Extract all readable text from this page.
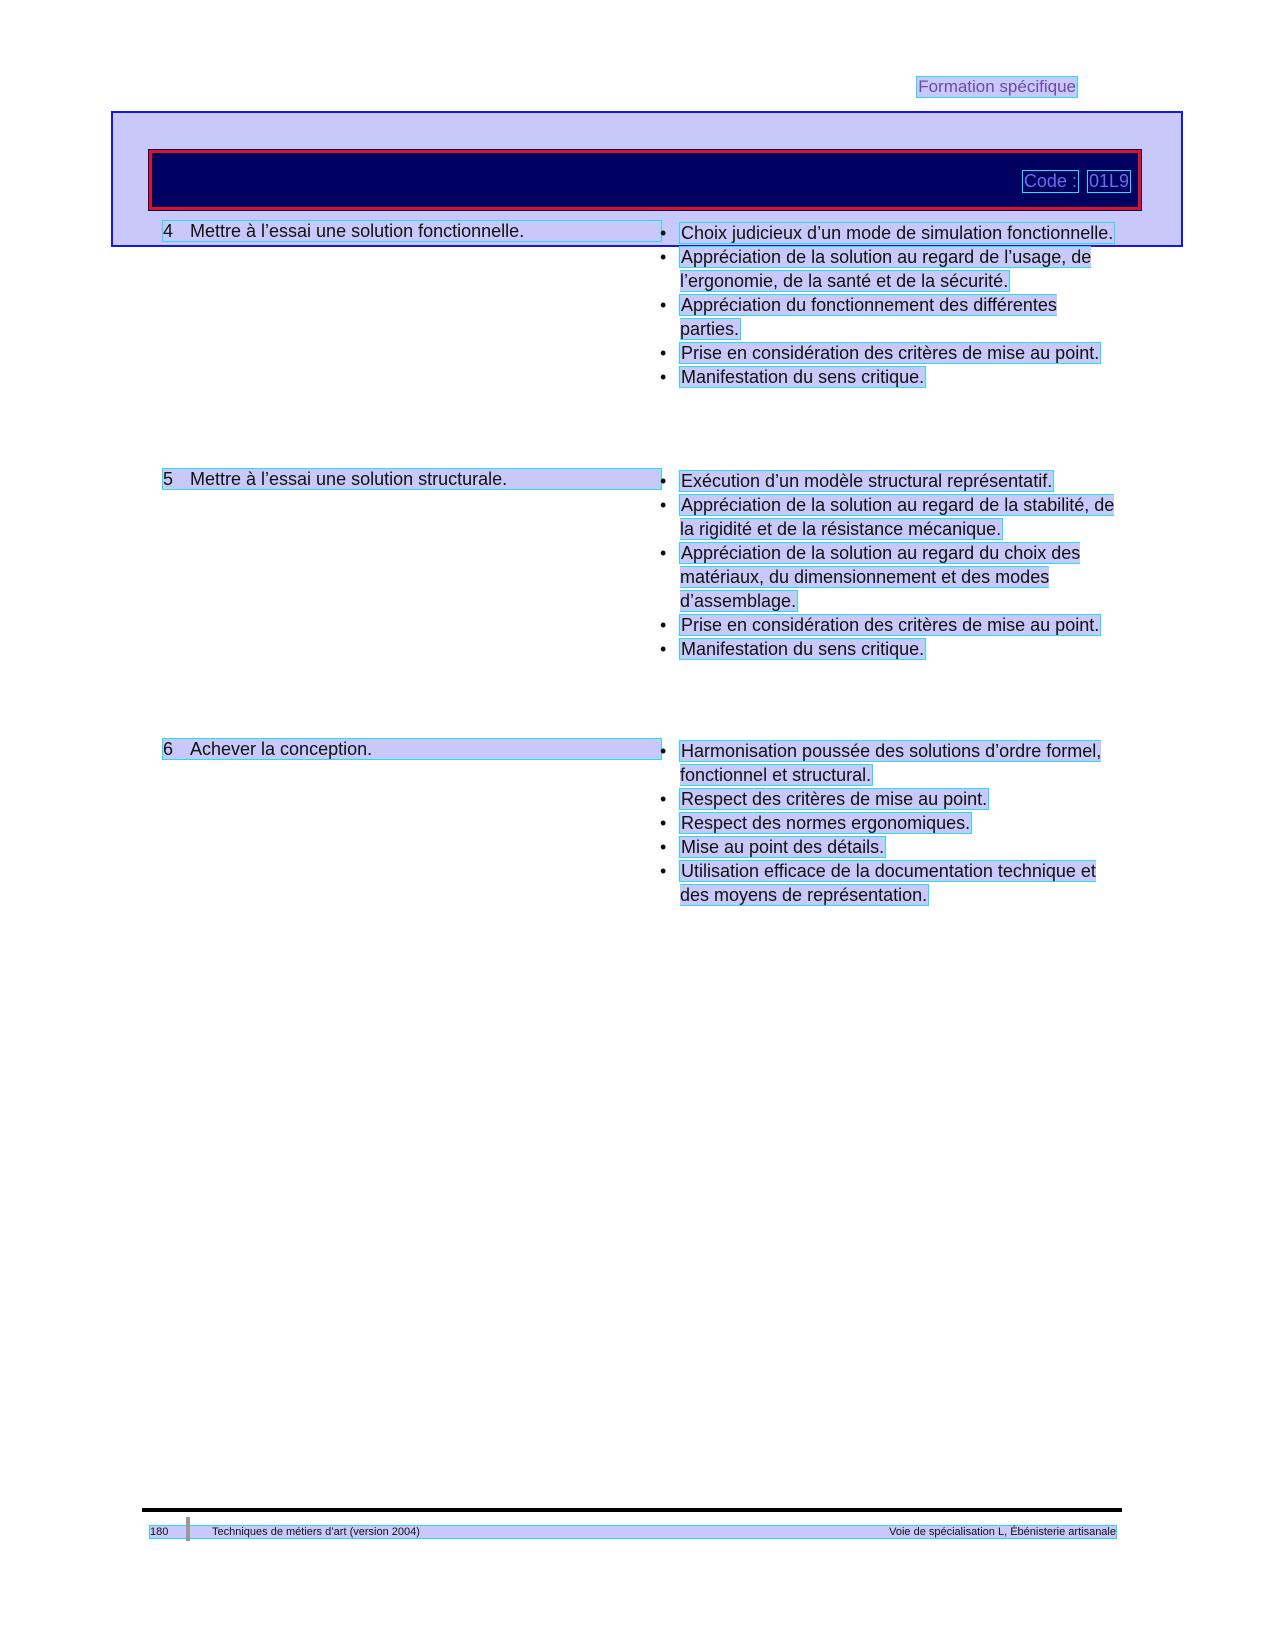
Formation spécifique
Code : 01L9
4 Mettre à l’essai une solution fonctionnelle.	• Choix judicieux d’un mode de simulation fonctionnelle.
• Appréciation de la solution au regard de l’usage, de l’ergonomie, de la santé et de la sécurité.
• Appréciation du fonctionnement des différentes parties.
• Prise en considération des critères de mise au point.
• Manifestation du sens critique.
5 Mettre à l’essai une solution structurale.	• Exécution d’un modèle structural représentatif.
• Appréciation de la solution au regard de la stabilité, de la rigidité et de la résistance mécanique.
• Appréciation de la solution au regard du choix des matériaux, du dimensionnement et des modes d’assemblage.
• Prise en considération des critères de mise au point.
• Manifestation du sens critique.
6 Achever la conception.	• Harmonisation poussée des solutions d’ordre formel, fonctionnel et structural.
• Respect des critères de mise au point.
• Respect des normes ergonomiques.
• Mise au point des détails.
• Utilisation efficace de la documentation technique et des moyens de représentation.
180	Techniques de métiers d’art (version 2004)	Voie de spécialisation L, Ébénisterie artisanale
